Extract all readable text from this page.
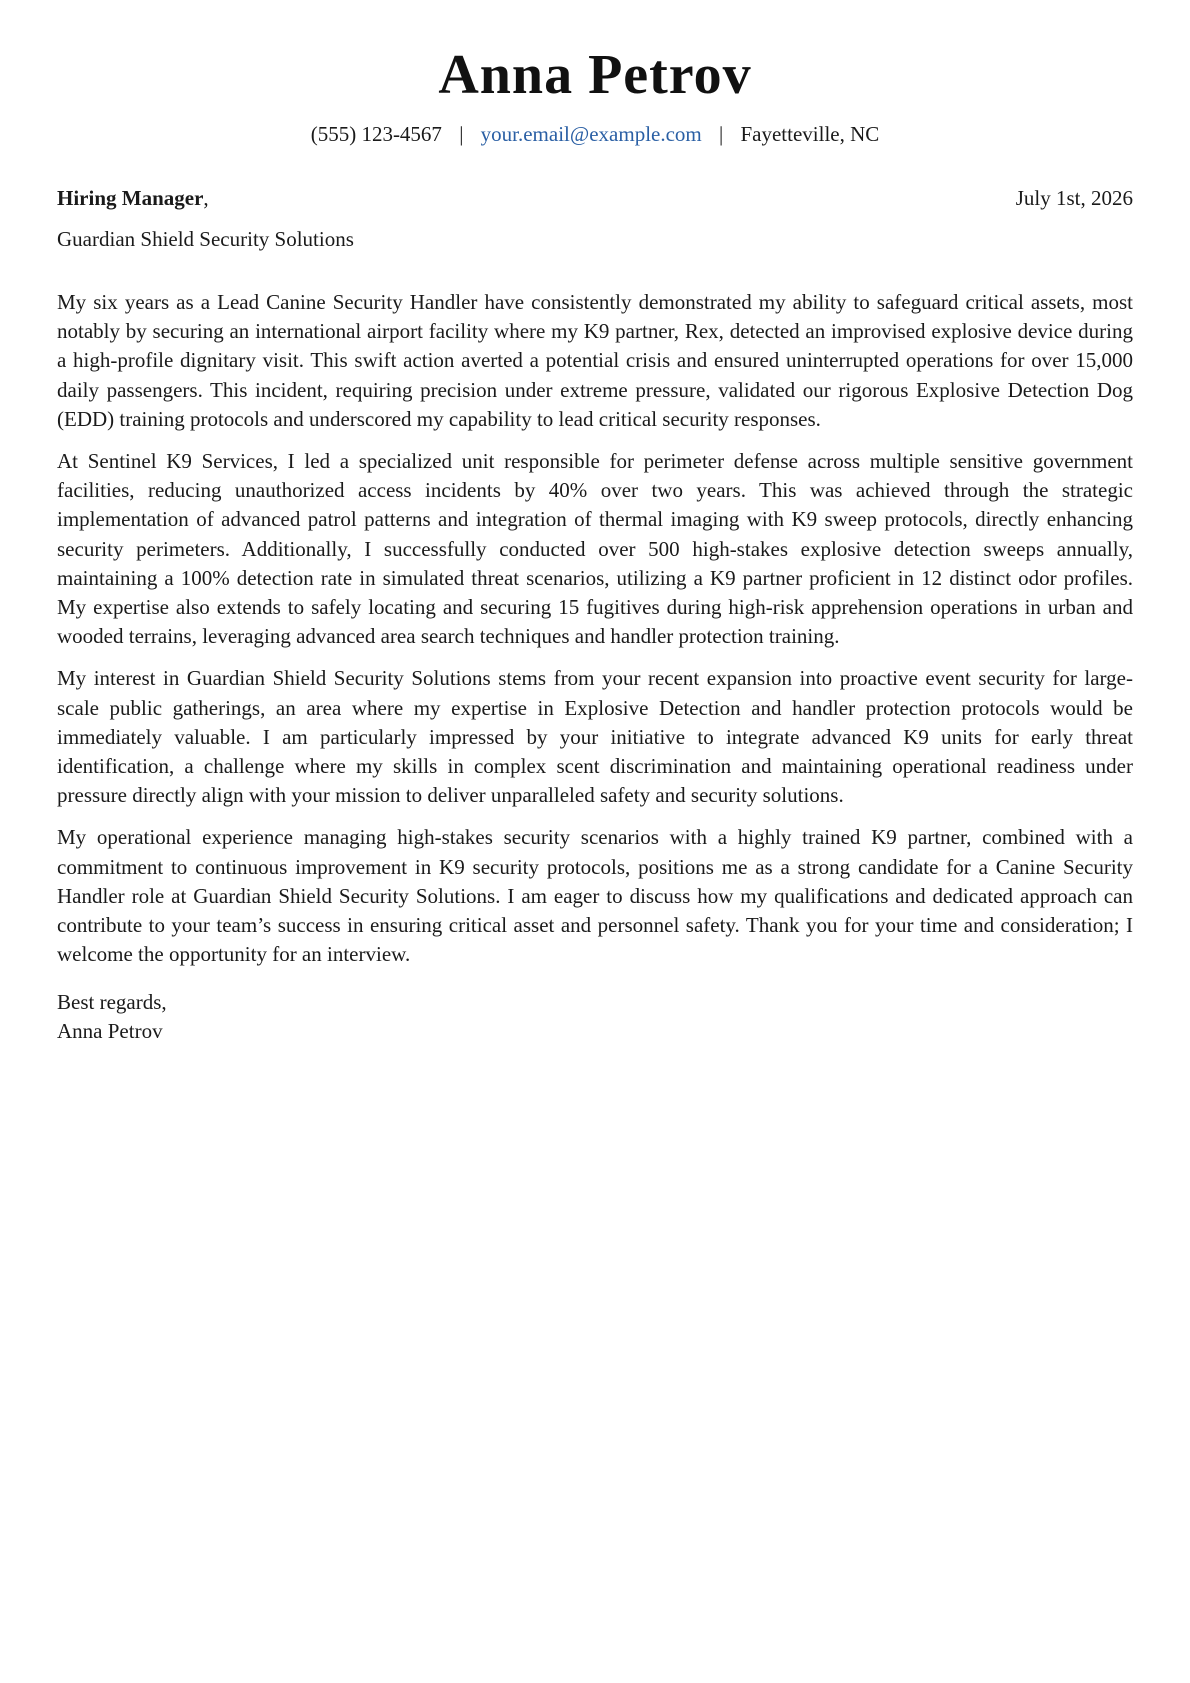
Anna Petrov
(555) 123-4567 | your.email@example.com | Fayetteville, NC
Hiring Manager,	July 1st, 2026
Guardian Shield Security Solutions

My six years as a Lead Canine Security Handler have consistently demonstrated my ability to safeguard critical assets, most notably by securing an international airport facility where my K9 partner, Rex, detected an improvised explosive device during a high-profile dignitary visit. This swift action averted a potential crisis and ensured uninterrupted operations for over 15,000 daily passengers. This incident, requiring precision under extreme pressure, validated our rigorous Explosive Detection Dog (EDD) training protocols and underscored my capability to lead critical security responses.

At Sentinel K9 Services, I led a specialized unit responsible for perimeter defense across multiple sensitive government facilities, reducing unauthorized access incidents by 40% over two years. This was achieved through the strategic implementation of advanced patrol patterns and integration of thermal imaging with K9 sweep protocols, directly enhancing security perimeters. Additionally, I successfully conducted over 500 high-stakes explosive detection sweeps annually, maintaining a 100% detection rate in simulated threat scenarios, utilizing a K9 partner proficient in 12 distinct odor profiles. My expertise also extends to safely locating and securing 15 fugitives during high-risk apprehension operations in urban and wooded terrains, leveraging advanced area search techniques and handler protection training.

My interest in Guardian Shield Security Solutions stems from your recent expansion into proactive event security for large-scale public gatherings, an area where my expertise in Explosive Detection and handler protection protocols would be immediately valuable. I am particularly impressed by your initiative to integrate advanced K9 units for early threat identification, a challenge where my skills in complex scent discrimination and maintaining operational readiness under pressure directly align with your mission to deliver unparalleled safety and security solutions.

My operational experience managing high-stakes security scenarios with a highly trained K9 partner, combined with a commitment to continuous improvement in K9 security protocols, positions me as a strong candidate for a Canine Security Handler role at Guardian Shield Security Solutions. I am eager to discuss how my qualifications and dedicated approach can contribute to your team’s success in ensuring critical asset and personnel safety. Thank you for your time and consideration; I welcome the opportunity for an interview.

Best regards,
Anna Petrov
